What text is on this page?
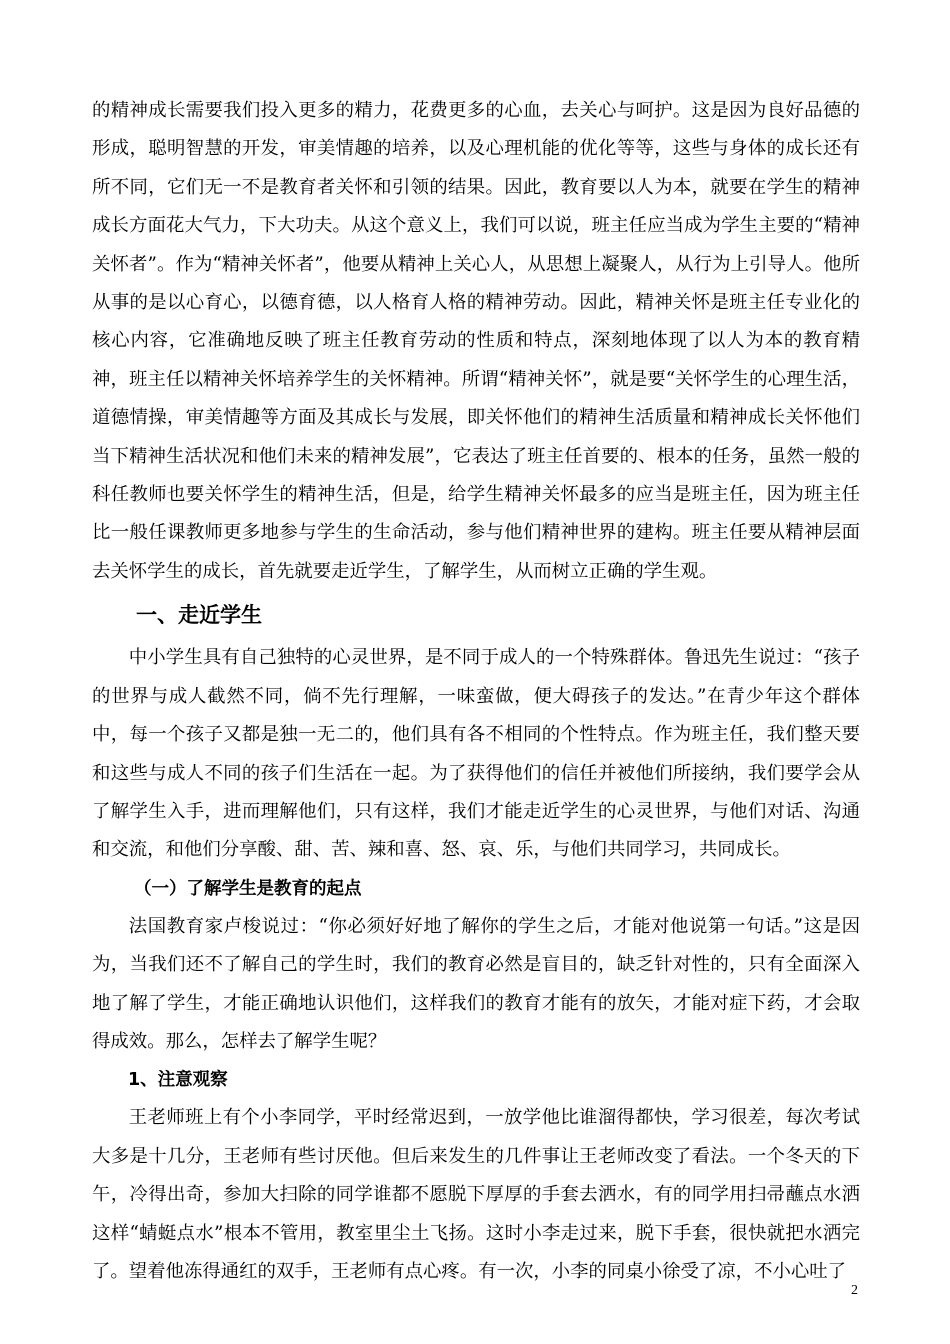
的精神成长需要我们投入更多的精力，花费更多的心血，去关心与呵护。这是因为良好品德的形成，聪明智慧的开发，审美情趣的培养，以及心理机能的优化等等，这些与身体的成长还有所不同，它们无一不是教育者关怀和引领的结果。因此，教育要以人为本，就要在学生的精神成长方面花大气力，下大功夫。从这个意义上，我们可以说，班主任应当成为学生主要的“精神关怀者”。作为“精神关怀者”，他要从精神上关心人，从思想上凝聚人，从行为上引导人。他所从事的是以心育心，以德育德，以人格育人格的精神劳动。因此，精神关怀是班主任专业化的核心内容，它准确地反映了班主任教育劳动的性质和特点，深刻地体现了以人为本的教育精神，班主任以精神关怀培养学生的关怀精神。所谓“精神关怀”，就是要“关怀学生的心理生活，道德情操，审美情趣等方面及其成长与发展，即关怀他们的精神生活质量和精神成长关怀他们当下精神生活状况和他们未来的精神发展”，它表达了班主任首要的、根本的任务，虽然一般的科任教师也要关怀学生的精神生活，但是，给学生精神关怀最多的应当是班主任，因为班主任比一般任课教师更多地参与学生的生命活动，参与他们精神世界的建构。班主任要从精神层面去关怀学生的成长，首先就要走近学生，了解学生，从而树立正确的学生观。

一、走近学生

中小学生具有自己独特的心灵世界，是不同于成人的一个特殊群体。鲁迅先生说过：“孩子的世界与成人截然不同，倘不先行理解，一味蛮做，便大碍孩子的发达。”在青少年这个群体中，每一个孩子又都是独一无二的，他们具有各不相同的个性特点。作为班主任，我们整天要和这些与成人不同的孩子们生活在一起。为了获得他们的信任并被他们所接纳，我们要学会从了解学生入手，进而理解他们，只有这样，我们才能走近学生的心灵世界，与他们对话、沟通和交流，和他们分享酸、甜、苦、辣和喜、怒、哀、乐，与他们共同学习，共同成长。

（一）了解学生是教育的起点

法国教育家卢梭说过：“你必须好好地了解你的学生之后，才能对他说第一句话。”这是因为，当我们还不了解自己的学生时，我们的教育必然是盲目的，缺乏针对性的，只有全面深入地了解了学生，才能正确地认识他们，这样我们的教育才能有的放矢，才能对症下药，才会取得成效。那么，怎样去了解学生呢？

1、注意观察

王老师班上有个小李同学，平时经常迟到，一放学他比谁溜得都快，学习很差，每次考试大多是十几分，王老师有些讨厌他。但后来发生的几件事让王老师改变了看法。一个冬天的下午，冷得出奇，参加大扫除的同学谁都不愿脱下厚厚的手套去洒水，有的同学用扫帚蘸点水洒这样“蜻蜓点水”根本不管用，教室里尘土飞扬。这时小李走过来，脱下手套，很快就把水洒完了。望着他冻得通红的双手，王老师有点心疼。有一次，小李的同桌小徐受了凉，不小心吐了

2
